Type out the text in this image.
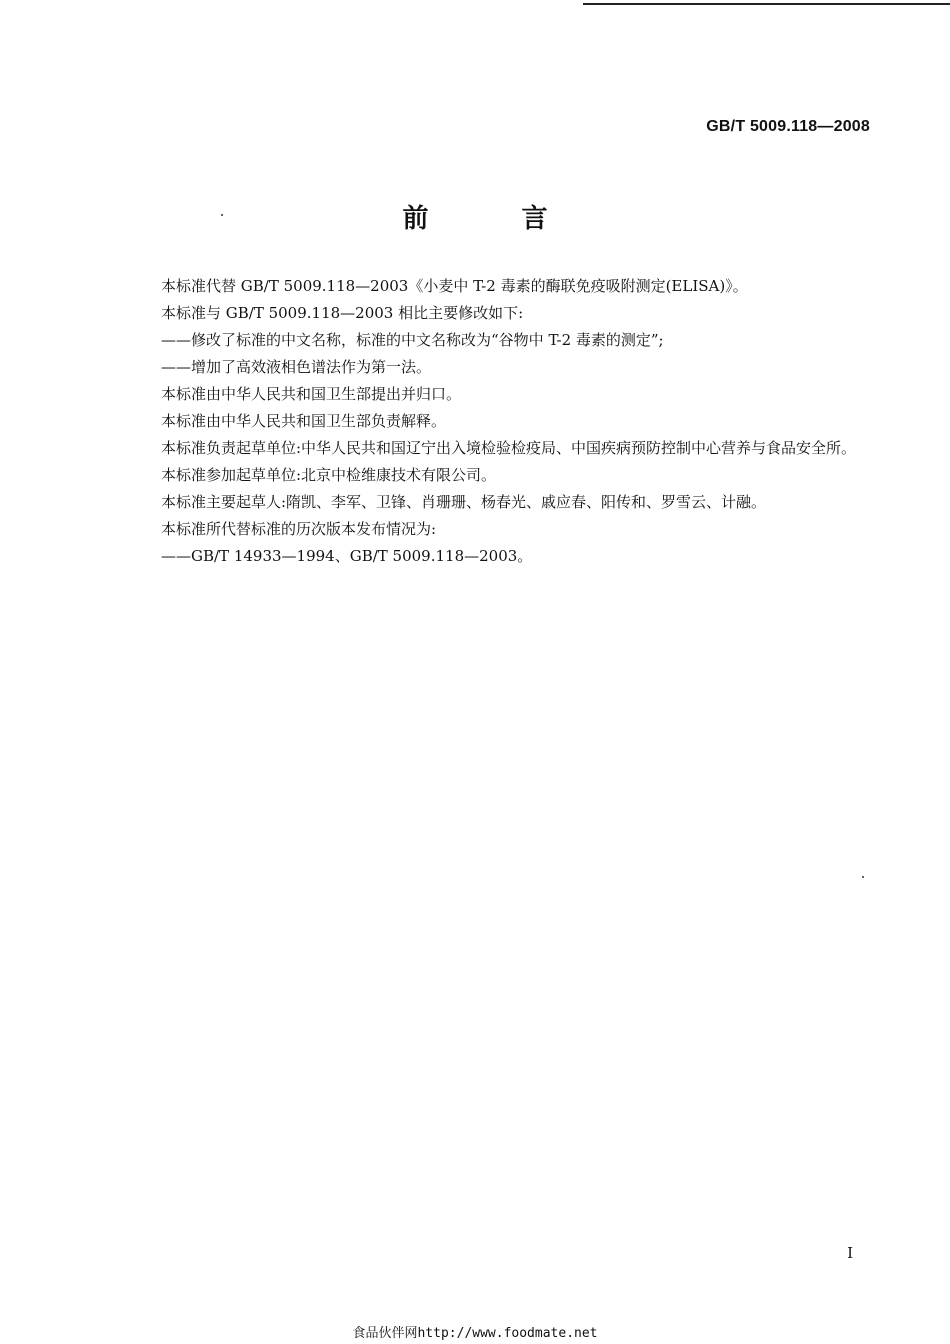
GB/T 5009.118—2008
前 言

本标准代替 GB/T 5009.118—2003《小麦中 T-2 毒素的酶联免疫吸附测定(ELISA)》。

本标准与 GB/T 5009.118—2003 相比主要修改如下:

——修改了标准的中文名称，标准的中文名称改为“谷物中 T-2 毒素的测定”;

——增加了高效液相色谱法作为第一法。

本标准由中华人民共和国卫生部提出并归口。

本标准由中华人民共和国卫生部负责解释。

本标准负责起草单位:中华人民共和国辽宁出入境检验检疫局、中国疾病预防控制中心营养与食品安全所。

本标准参加起草单位:北京中检维康技术有限公司。

本标准主要起草人:隋凯、李军、卫锋、肖珊珊、杨春光、戚应春、阳传和、罗雪云、计融。

本标准所代替标准的历次版本发布情况为:

——GB/T 14933—1994、GB/T 5009.118—2003。

I
食品伙伴网http://www.foodmate.net
